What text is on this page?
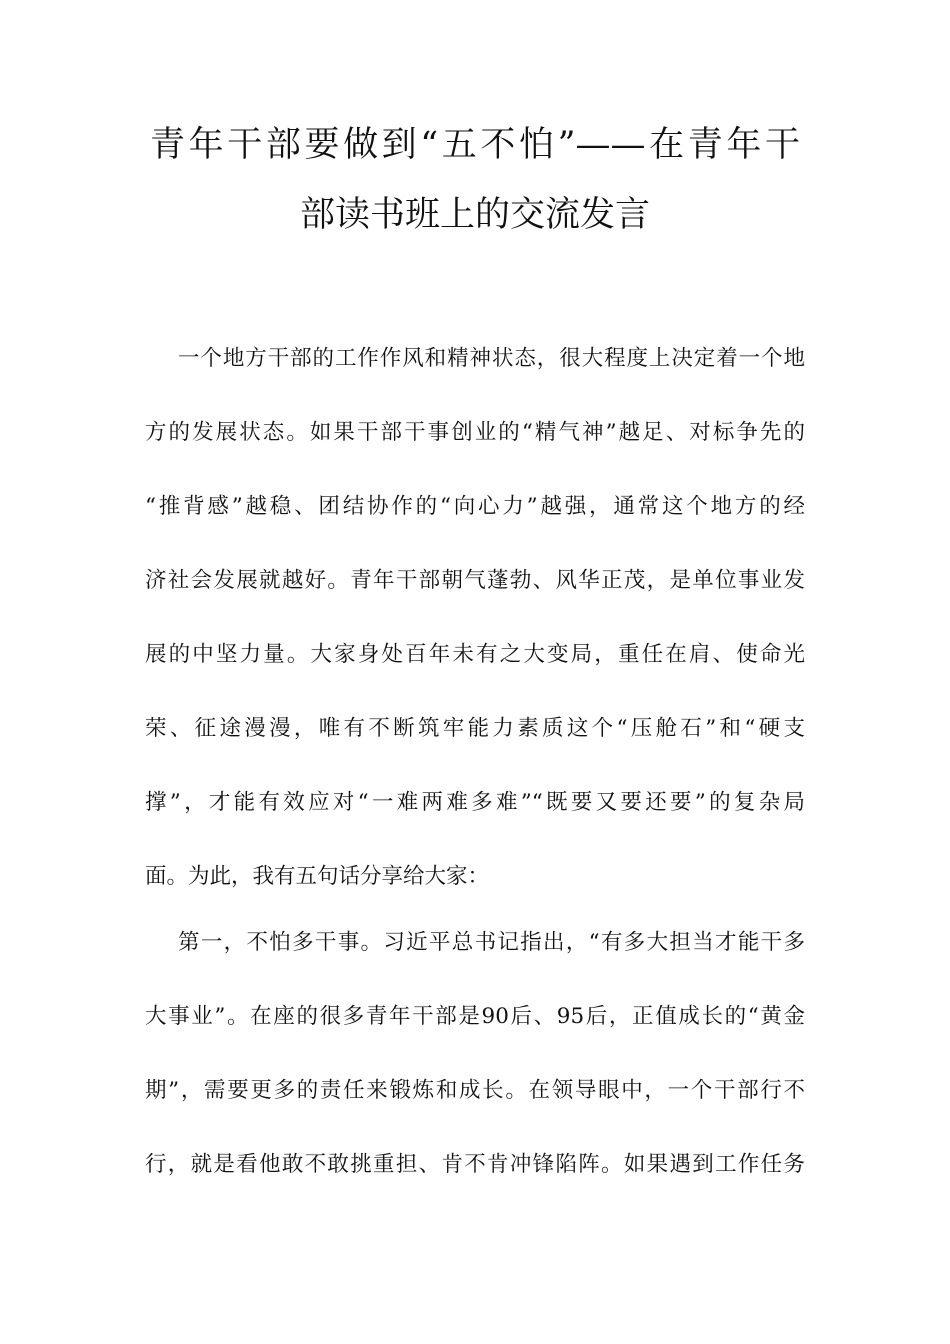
青年干部要做到“五不怕”——在青年干
部读书班上的交流发言
一个地方干部的工作作风和精神状态，很大程度上决定着一个地
方的发展状态。如果干部干事创业的“精气神”越足、对标争先的
“推背感”越稳、团结协作的“向心力”越强，通常这个地方的经
济社会发展就越好。青年干部朝气蓬勃、风华正茂，是单位事业发
展的中坚力量。大家身处百年未有之大变局，重任在肩、使命光
荣、征途漫漫，唯有不断筑牢能力素质这个“压舱石”和“硬支
撑”，才能有效应对“一难两难多难”“既要又要还要”的复杂局
面。为此，我有五句话分享给大家：
第一，不怕多干事。习近平总书记指出，“有多大担当才能干多
大事业”。在座的很多青年干部是90后、95后，正值成长的“黄金
期”，需要更多的责任来锻炼和成长。在领导眼中，一个干部行不
行，就是看他敢不敢挑重担、肯不肯冲锋陷阵。如果遇到工作任务
